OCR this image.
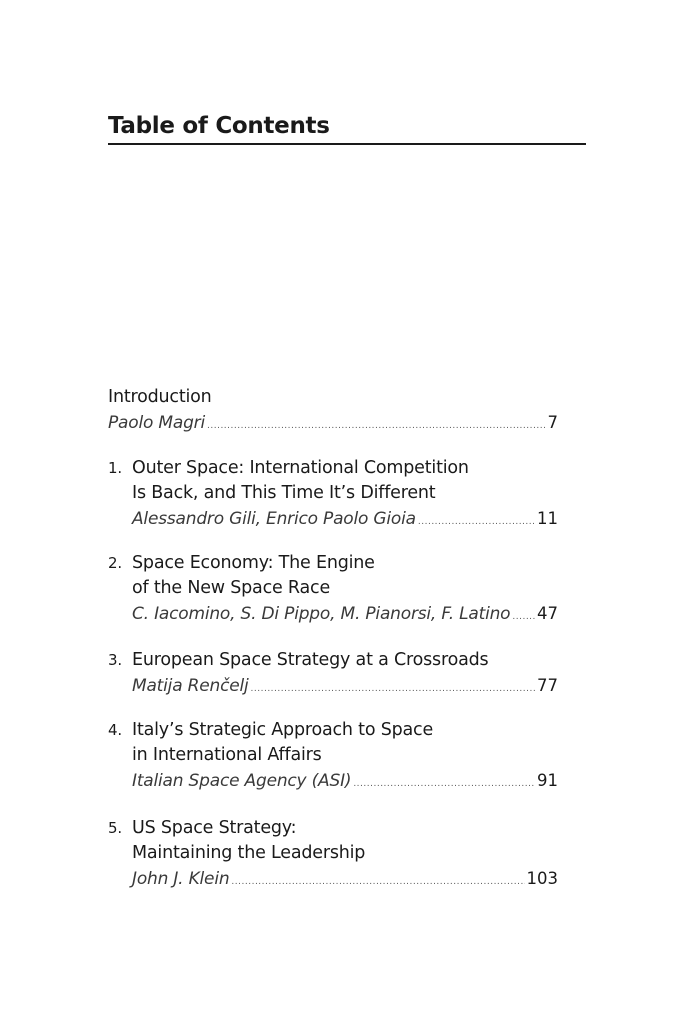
Table of Contents
Introduction
Paolo Magri .....	7
1. Outer Space: International Competition
Is Back, and This Time It’s Different
Alessandro Gili, Enrico Paolo Gioia .....	11
2. Space Economy: The Engine
of the New Space Race
C. Iacomino, S. Di Pippo, M. Pianorsi, F. Latino ..... 47
3. European Space Strategy at a Crossroads
Matija Renčelj .....	77
4. Italy’s Strategic Approach to Space
in International Affairs
Italian Space Agency (ASI) .....	91
5. US Space Strategy:
Maintaining the Leadership
John J. Klein .....	103
